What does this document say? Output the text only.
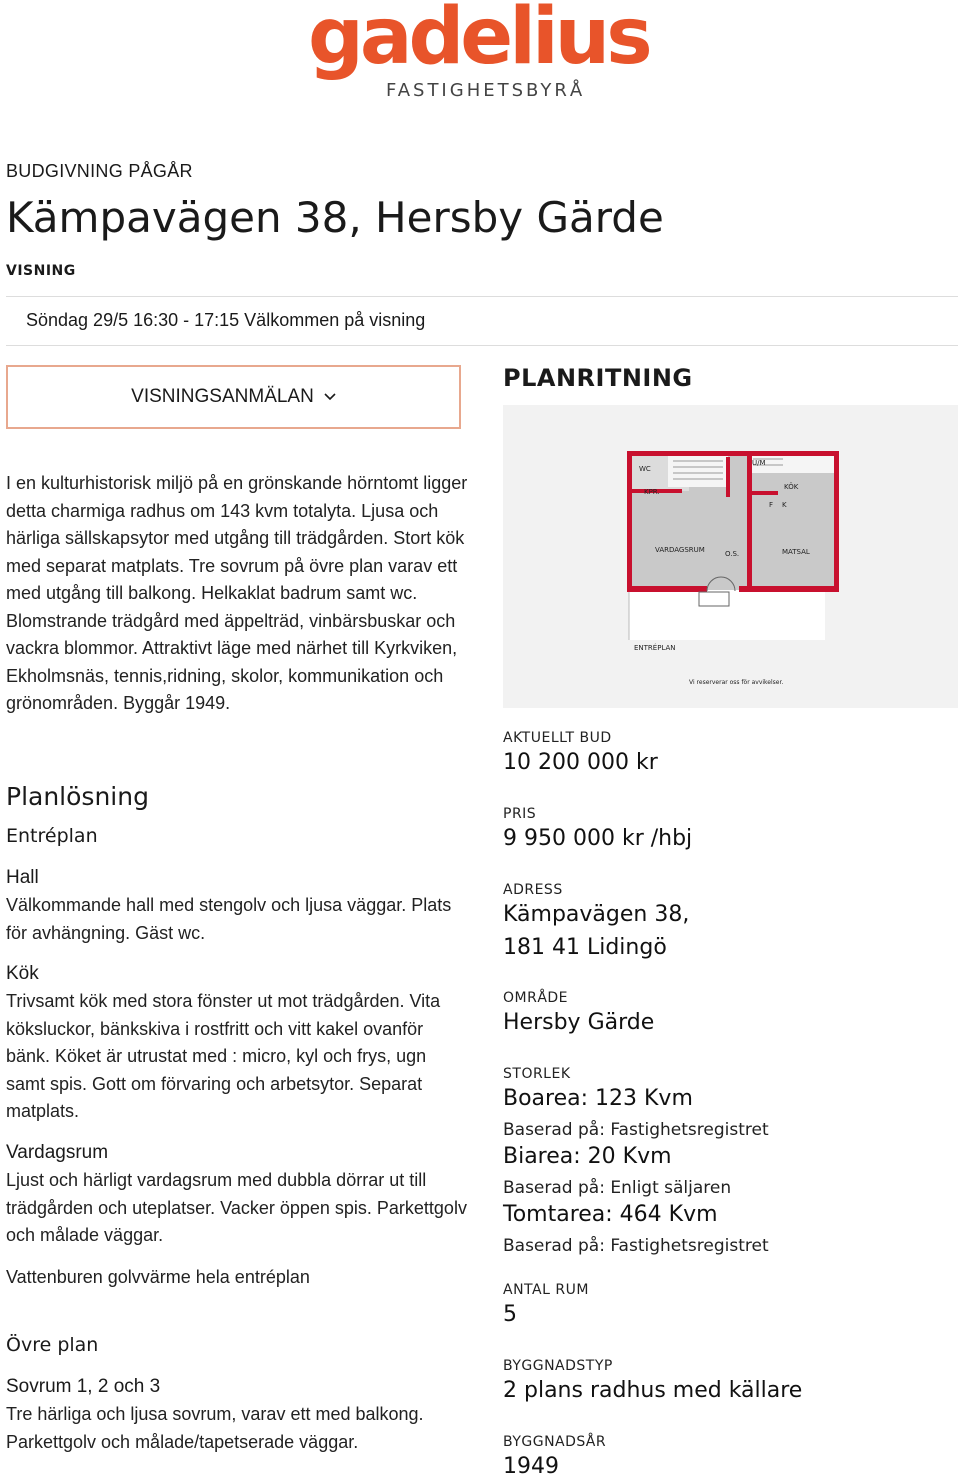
gadelius
FASTIGHETSBYRÅ
BUDGIVNING PÅGÅR
Kämpavägen 38, Hersby Gärde
VISNING
Söndag 29/5 16:30 - 17:15 Välkommen på visning
VISNINGSANMÄLAN
PLANRITNING
WC
KPR.
U/M
KÖK
F K
VARDAGSRUM	O.S.	MATSAL
ENTRÉPLAN
Vi reserverar oss för avvikelser.

I en kulturhistorisk miljö på en grönskande hörntomt ligger detta charmiga radhus om 143 kvm totalyta. Ljusa och härliga sällskapsytor med utgång till trädgården. Stort kök med separat matplats. Tre sovrum på övre plan varav ett med utgång till balkong. Helkaklat badrum samt wc. Blomstrande trädgård med äppelträd, vinbärsbuskar och vackra blommor. Attraktivt läge med närhet till Kyrkviken, Ekholmsnäs, tennis,ridning, skolor, kommunikation och grönområden. Byggår 1949.

Planlösning
Entréplan
Hall

Välkommande hall med stengolv och ljusa väggar. Plats för avhängning. Gäst wc.

Kök

Trivsamt kök med stora fönster ut mot trädgården. Vita köksluckor, bänkskiva i rostfritt och vitt kakel ovanför bänk. Köket är utrustat med : micro, kyl och frys, ugn samt spis. Gott om förvaring och arbetsytor. Separat matplats.

Vardagsrum

Ljust och härligt vardagsrum med dubbla dörrar ut till trädgården och uteplatser. Vacker öppen spis. Parkettgolv och målade väggar.

Vattenburen golvvärme hela entréplan

Övre plan
Sovrum 1, 2 och 3

Tre härliga och ljusa sovrum, varav ett med balkong. Parkettgolv och målade/tapetserade väggar.

AKTUELLT BUD
10 200 000 kr
PRIS
9 950 000 kr /hbj
ADRESS
Kämpavägen 38,
181 41 Lidingö
OMRÅDE
Hersby Gärde
STORLEK
Boarea: 123 Kvm
Baserad på: Fastighetsregistret
Biarea: 20 Kvm
Baserad på: Enligt säljaren
Tomtarea: 464 Kvm
Baserad på: Fastighetsregistret
ANTAL RUM
5
BYGGNADSTYP
2 plans radhus med källare
BYGGNADSÅR
1949
